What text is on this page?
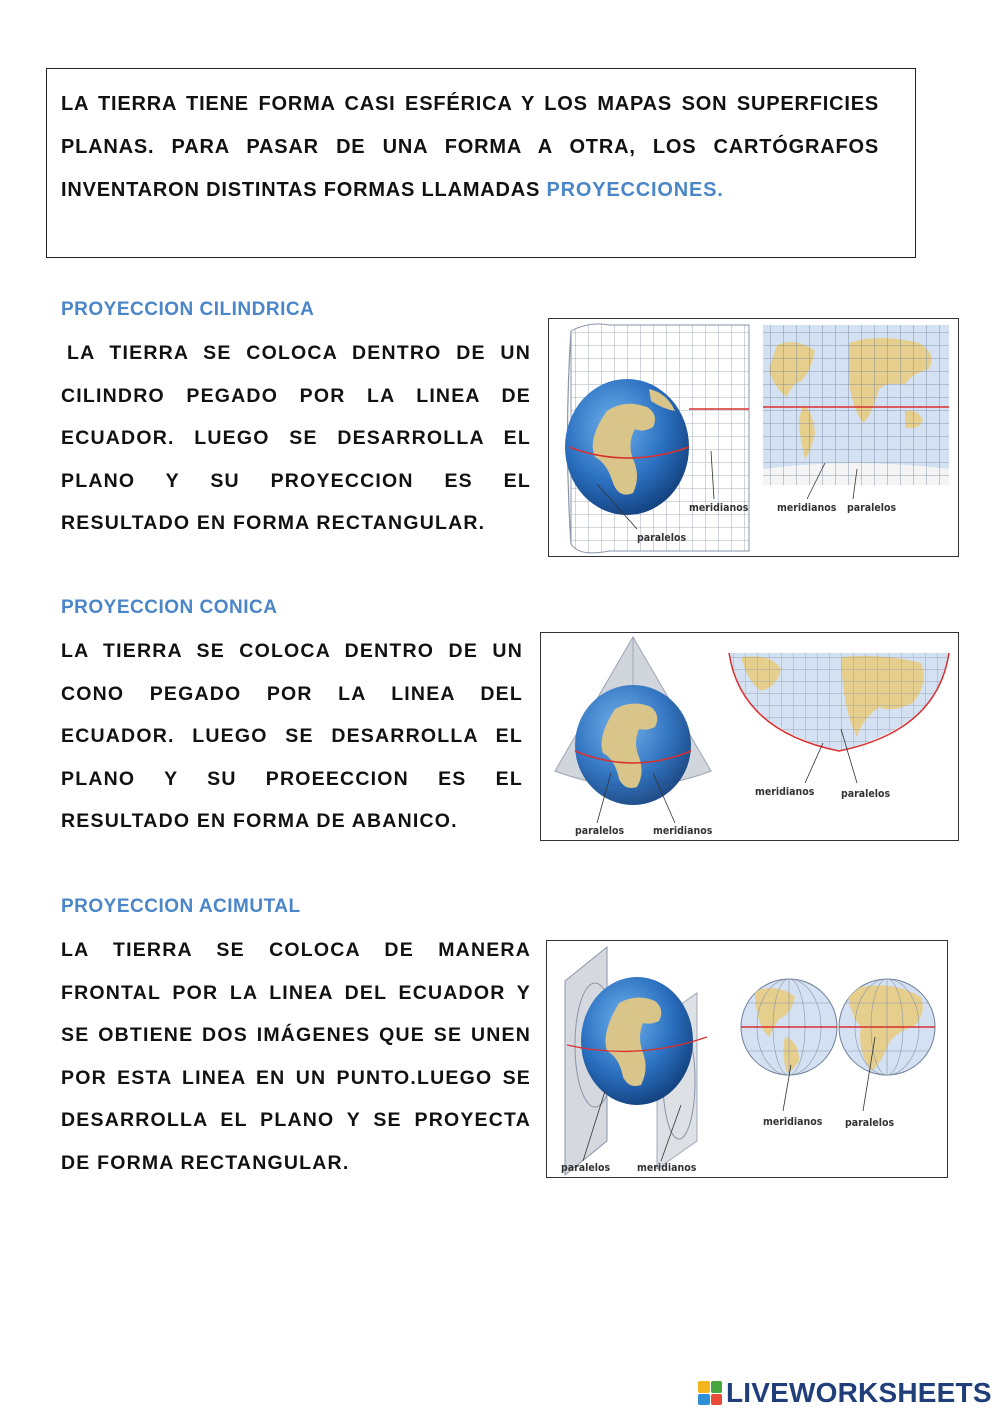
LA TIERRA TIENE FORMA CASI ESFÉRICA Y LOS MAPAS SON SUPERFICIES PLANAS. PARA PASAR DE UNA FORMA A OTRA, LOS CARTÓGRAFOS INVENTARON DISTINTAS FORMAS LLAMADAS PROYECCIONES.

PROYECCION CILINDRICA

LA TIERRA SE COLOCA DENTRO DE UN CILINDRO PEGADO POR LA LINEA DE ECUADOR. LUEGO SE DESARROLLA EL PLANO Y SU PROYECCION ES EL RESULTADO EN FORMA RECTANGULAR.

meridianos
paralelos
meridianos paralelos
PROYECCION CONICA

LA TIERRA SE COLOCA DENTRO DE UN CONO PEGADO POR LA LINEA DEL ECUADOR. LUEGO SE DESARROLLA EL PLANO Y SU PROEECCION ES EL RESULTADO EN FORMA DE ABANICO.	paralelos	meridianos
meridianos	paralelos
PROYECCION ACIMUTAL

LA TIERRA SE COLOCA DE MANERA FRONTAL POR LA LINEA DEL ECUADOR Y SE OBTIENE DOS IMÁGENES QUE SE UNEN POR ESTA LINEA EN UN PUNTO.LUEGO SE DESARROLLA EL PLANO Y SE PROYECTA DE FORMA RECTANGULAR.	paralelos	meridianos
meridianos paralelos
LIVEWORKSHEETS
